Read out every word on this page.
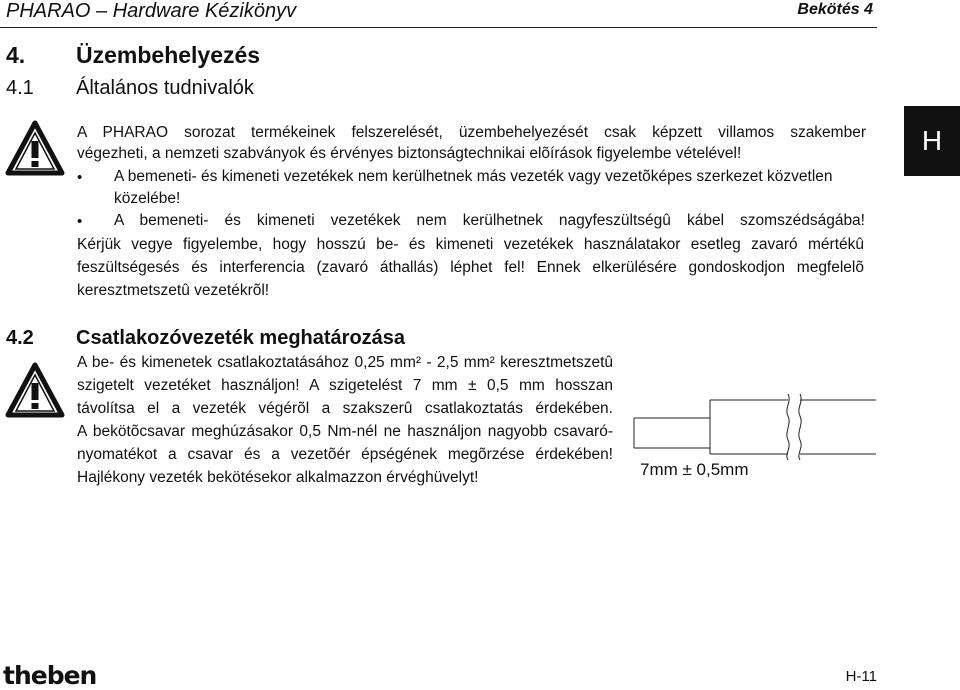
PHARAO – Hardware Kézikönyv	Bekötés 4
4. Üzembehelyezés
4.1 Általános tudnivalók
A PHARAO sorozat termékeinek felszerelését, üzembehelyezését csak képzett villamos szakember
végezheti, a nemzeti szabványok és érvényes biztonságtechnikai elõírások figyelembe vételével!
• A bemeneti- és kimeneti vezetékek nem kerülhetnek más vezeték vagy vezetõképes szerkezet közvetlen
közelébe!
• A bemeneti- és kimeneti vezetékek nem kerülhetnek nagyfeszültségû kábel szomszédságába!
Kérjük vegye figyelembe, hogy hosszú be- és kimeneti vezetékek használatakor esetleg zavaró mértékû
feszültségesés és interferencia (zavaró áthallás) léphet fel! Ennek elkerülésére gondoskodjon megfelelõ
keresztmetszetû vezetékrõl!
4.2 Csatlakozóvezeték meghatározása
A be- és kimenetek csatlakoztatásához 0,25 mm² - 2,5 mm² keresztmetszetû
szigetelt vezetéket használjon! A szigetelést 7 mm ± 0,5 mm hosszan
távolítsa el a vezeték végérõl a szakszerû csatlakoztatás érdekében.
A bekötõcsavar meghúzásakor 0,5 Nm-nél ne használjon nagyobb csavaró-
nyomatékot a csavar és a vezetõér épségének megõrzése érdekében!
Hajlékony vezeték bekötésekor alkalmazzon érvéghüvelyt!	7mm ± 0,5mm
H
theben	H-11
